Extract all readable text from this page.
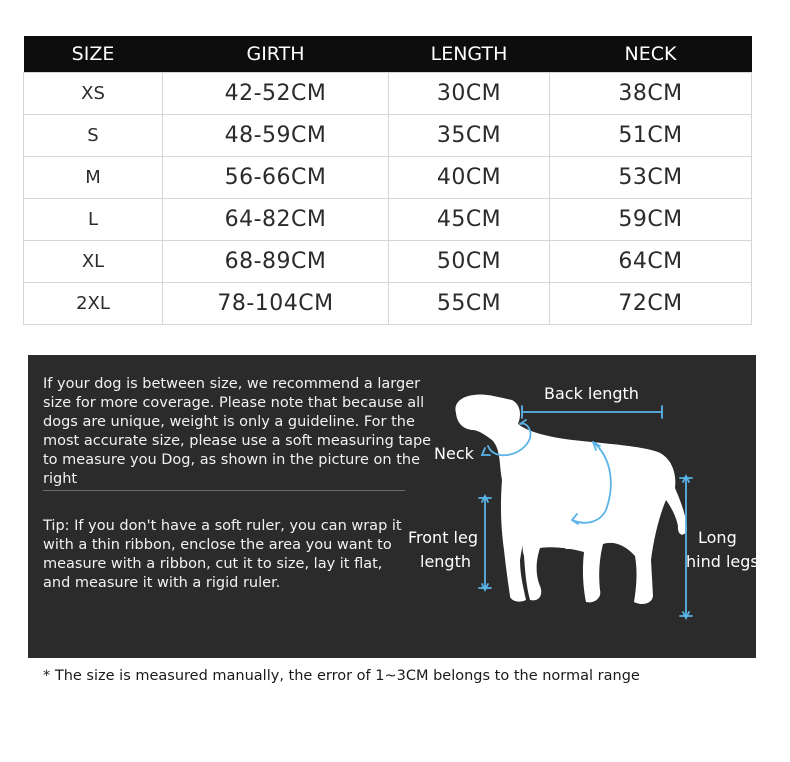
SIZE	GIRTH	LENGTH	NECK
XS	42-52CM	30CM	38CM
S	48-59CM	35CM	51CM
M	56-66CM	40CM	53CM
L	64-82CM	45CM	59CM
XL	68-89CM	50CM	64CM
2XL	78-104CM	55CM	72CM
If your dog is between size, we recommend a larger size for more coverage. Please note that because all dogs are unique, weight is only a guideline. For the most accurate size, please use a soft measuring tape to measure you Dog, as shown in the picture on the right
Tip: If you don't have a soft ruler, you can wrap it with a thin ribbon, enclose the area you want to measure with a ribbon, cut it to size, lay it flat, and measure it with a rigid ruler.
Back length
Neck
Front leg
length
Bust	Long
hind legs
* The size is measured manually, the error of 1~3CM belongs to the normal range
